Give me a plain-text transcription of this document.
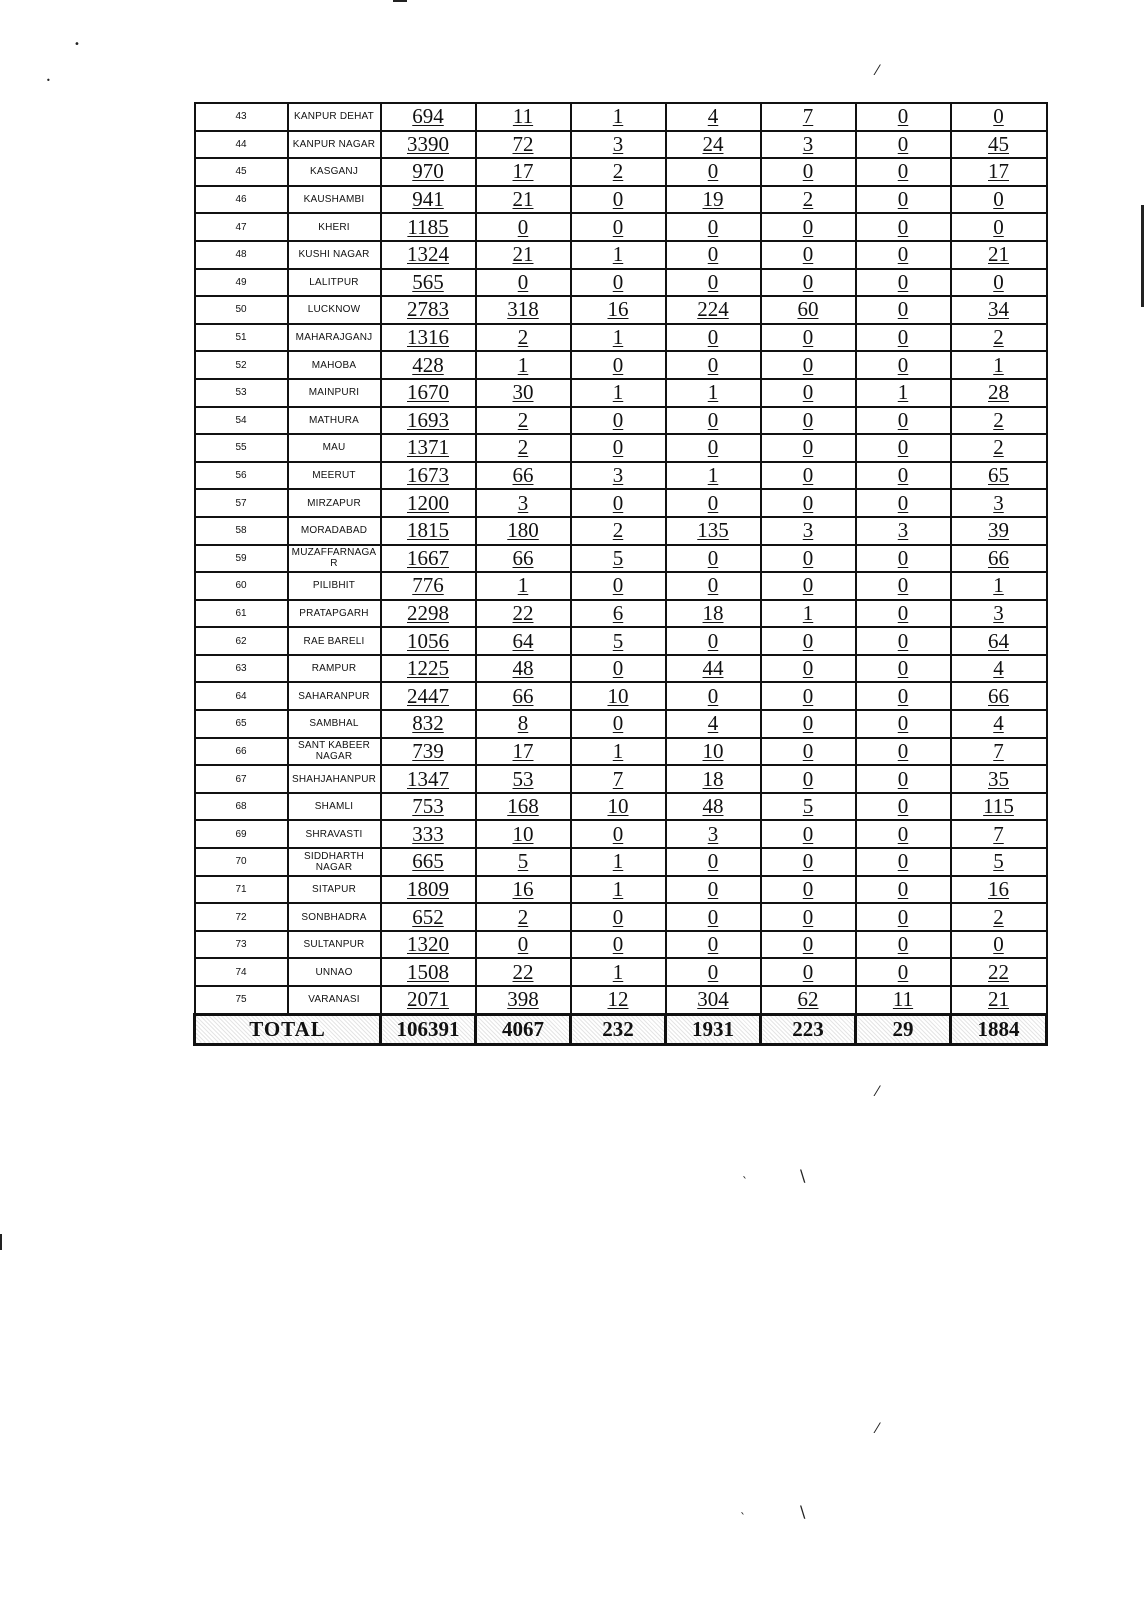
•
•
⁄
⁄
`	\
⁄
`	\
43	KANPUR DEHAT	694	11	1	4	7	0	0
44	KANPUR NAGAR	3390	72	3	24	3	0	45
45	KASGANJ	970	17	2	0	0	0	17
46	KAUSHAMBI	941	21	0	19	2	0	0
47	KHERI	1185	0	0	0	0	0	0
48	KUSHI NAGAR	1324	21	1	0	0	0	21
49	LALITPUR	565	0	0	0	0	0	0
50	LUCKNOW	2783	318	16	224	60	0	34
51	MAHARAJGANJ	1316	2	1	0	0	0	2
52	MAHOBA	428	1	0	0	0	0	1
53	MAINPURI	1670	30	1	1	0	1	28
54	MATHURA	1693	2	0	0	0	0	2
55	MAU	1371	2	0	0	0	0	2
56	MEERUT	1673	66	3	1	0	0	65
57	MIRZAPUR	1200	3	0	0	0	0	3
58	MORADABAD	1815	180	2	135	3	3	39
59	MUZAFFARNAGA R	1667	66	5	0	0	0	66
60	PILIBHIT	776	1	0	0	0	0	1
61	PRATAPGARH	2298	22	6	18	1	0	3
62	RAE BARELI	1056	64	5	0	0	0	64
63	RAMPUR	1225	48	0	44	0	0	4
64	SAHARANPUR	2447	66	10	0	0	0	66
65	SAMBHAL	832	8	0	4	0	0	4
66	SANT KABEER NAGAR	739	17	1	10	0	0	7
67	SHAHJAHANPUR	1347	53	7	18	0	0	35
68	SHAMLI	753	168	10	48	5	0	115
69	SHRAVASTI	333	10	0	3	0	0	7
70	SIDDHARTH NAGAR	665	5	1	0	0	0	5
71	SITAPUR	1809	16	1	0	0	0	16
72	SONBHADRA	652	2	0	0	0	0	2
73	SULTANPUR	1320	0	0	0	0	0	0
74	UNNAO	1508	22	1	0	0	0	22
75	VARANASI	2071	398	12	304	62	11	21
TOTAL		106391	4067	232	1931	223	29	1884
